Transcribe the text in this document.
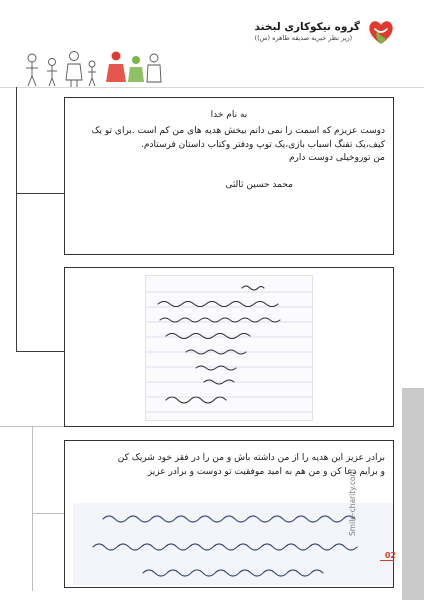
گروه نیکوکاری لبخند
(زیر نظر خیریه صدیقه طاهره (س))
به نام خدا
دوست عزیزم که اسمت را نمی دانم بیخش هدیه های من کم است .برای تو یک
کیف،یک تفنگ اسباب بازی،یک توپ ودفتر وکتاب داستان فرستادم.
من توروخیلی دوست دارم
محمد حسین ثالثی
برادر عزیز این هدیه را از من داشته باش و من را در فقر خود شریک کن
و برایم دعا کن و من هم به امید موفقیت تو دوست و برادر عزیز
Smile-charity.com
02
